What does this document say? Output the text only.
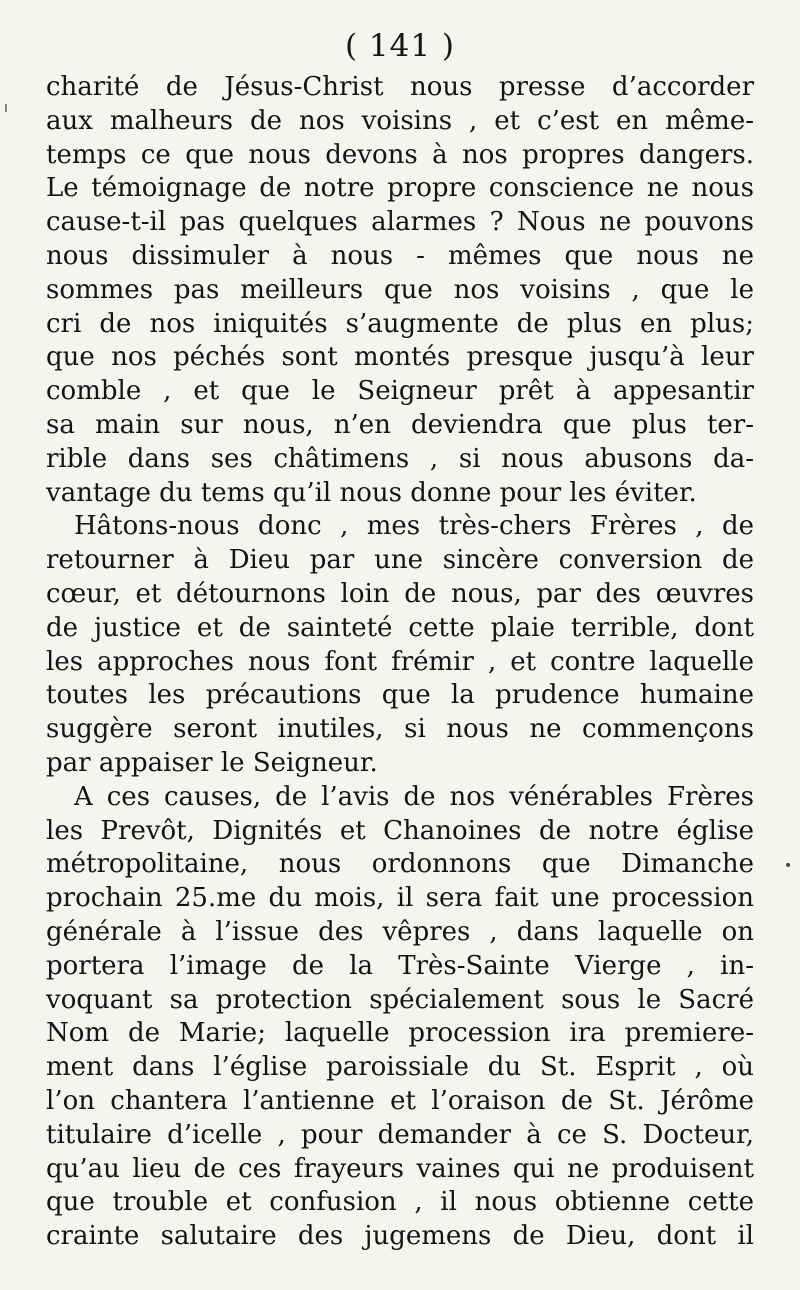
( 141 )
charité de Jésus-Christ nous presse d’accorder
aux malheurs de nos voisins , et c’est en même-
temps ce que nous devons à nos propres dangers.
Le témoignage de notre propre conscience ne nous
cause-t-il pas quelques alarmes ? Nous ne pouvons
nous dissimuler à nous - mêmes que nous ne
sommes pas meilleurs que nos voisins , que le
cri de nos iniquités s’augmente de plus en plus;
que nos péchés sont montés presque jusqu’à leur
comble , et que le Seigneur prêt à appesantir
sa main sur nous, n’en deviendra que plus ter-
rible dans ses châtimens , si nous abusons da-
vantage du tems qu’il nous donne pour les éviter.
Hâtons-nous donc , mes très-chers Frères , de
retourner à Dieu par une sincère conversion de
cœur, et détournons loin de nous, par des œuvres
de justice et de sainteté cette plaie terrible, dont
les approches nous font frémir , et contre laquelle
toutes les précautions que la prudence humaine
suggère seront inutiles, si nous ne commençons
par appaiser le Seigneur.
A ces causes, de l’avis de nos vénérables Frères
les Prevôt, Dignités et Chanoines de notre église
métropolitaine, nous ordonnons que Dimanche
prochain 25.me du mois, il sera fait une procession
générale à l’issue des vêpres , dans laquelle on
portera l’image de la Très-Sainte Vierge , in-
voquant sa protection spécialement sous le Sacré
Nom de Marie; laquelle procession ira premiere-
ment dans l’église paroissiale du St. Esprit , où
l’on chantera l’antienne et l’oraison de St. Jérôme
titulaire d’icelle , pour demander à ce S. Docteur,
qu’au lieu de ces frayeurs vaines qui ne produisent
que trouble et confusion , il nous obtienne cette
crainte salutaire des jugemens de Dieu, dont il
ı
•
